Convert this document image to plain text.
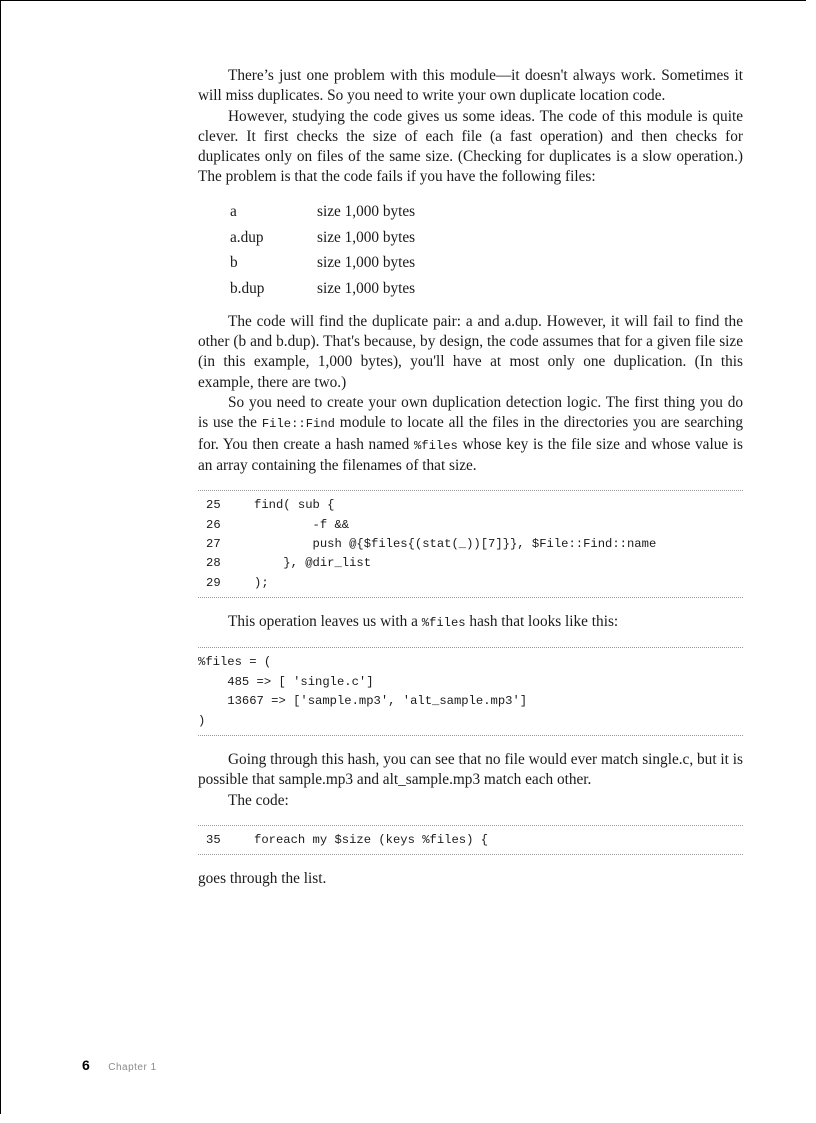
There’s just one problem with this module—it doesn't always work. Sometimes it will miss duplicates. So you need to write your own duplicate location code.

However, studying the code gives us some ideas. The code of this module is quite clever. It first checks the size of each file (a fast operation) and then checks for duplicates only on files of the same size. (Checking for duplicates is a slow operation.) The problem is that the code fails if you have the following files:

a	size 1,000 bytes
a.dup	size 1,000 bytes
b	size 1,000 bytes
b.dup	size 1,000 bytes

The code will find the duplicate pair: a and a.dup. However, it will fail to find the other (b and b.dup). That's because, by design, the code assumes that for a given file size (in this example, 1,000 bytes), you'll have at most only one duplication. (In this example, there are two.)

So you need to create your own duplication detection logic. The first thing you do is use the File::Find module to locate all the files in the directories you are searching for. You then create a hash named %files whose key is the file size and whose value is an array containing the filenames of that size.

25	find( sub {
26	-f &&
27	push @{$files{(stat(_))[7]}}, $File::Find::name
28	}, @dir_list
29	);

This operation leaves us with a %files hash that looks like this:

%files = (
485 => [ 'single.c']
13667 => ['sample.mp3', 'alt_sample.mp3']
)

Going through this hash, you can see that no file would ever match single.c, but it is possible that sample.mp3 and alt_sample.mp3 match each other.

The code:

35	foreach my $size (keys %files) {

goes through the list.

6 Chapter 1
